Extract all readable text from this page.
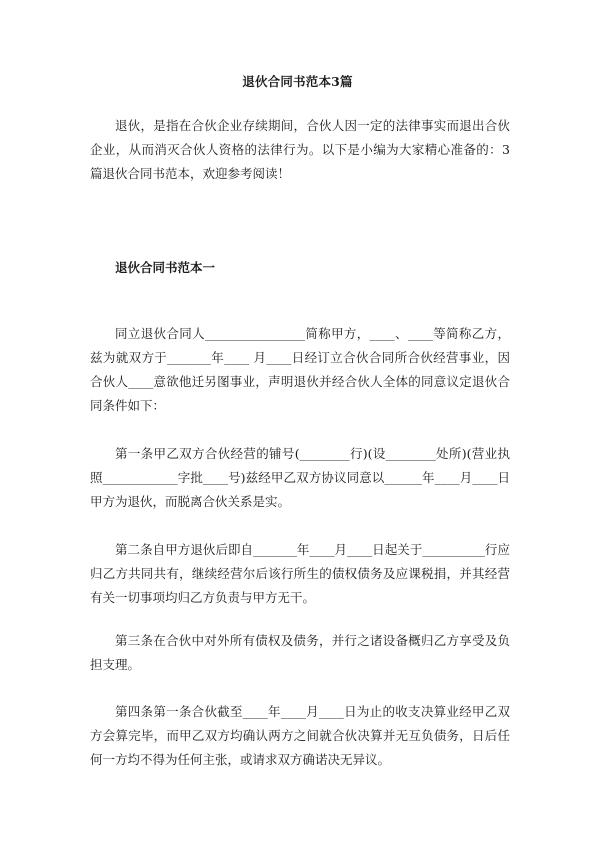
退伙合同书范本3篇
退伙，是指在合伙企业存续期间，合伙人因一定的法律事实而退出合伙企业，从而消灭合伙人资格的法律行为。以下是小编为大家精心准备的：3篇退伙合同书范本，欢迎参考阅读！
退伙合同书范本一
同立退伙合同人________________简称甲方，____、____等简称乙方，兹为就双方于_______年____ 月____日经订立合伙合同所合伙经营事业，因合伙人____意欲他迁另图事业，声明退伙并经合伙人全体的同意议定退伙合同条件如下：
第一条甲乙双方合伙经营的铺号(________行)(设________处所)(营业执照____________字批____号)兹经甲乙双方协议同意以______年____月____日甲方为退伙，而脱离合伙关系是实。
第二条自甲方退伙后即自_______年____月____日起关于__________行应归乙方共同共有，继续经营尔后该行所生的债权债务及应课税捐，并其经营有关一切事项均归乙方负责与甲方无干。
第三条在合伙中对外所有债权及债务，并行之诸设备概归乙方享受及负担支理。
第四条第一条合伙截至____年____月____日为止的收支决算业经甲乙双方会算完毕，而甲乙双方均确认两方之间就合伙决算并无互负债务，日后任何一方均不得为任何主张，或请求双方确诺决无异议。
